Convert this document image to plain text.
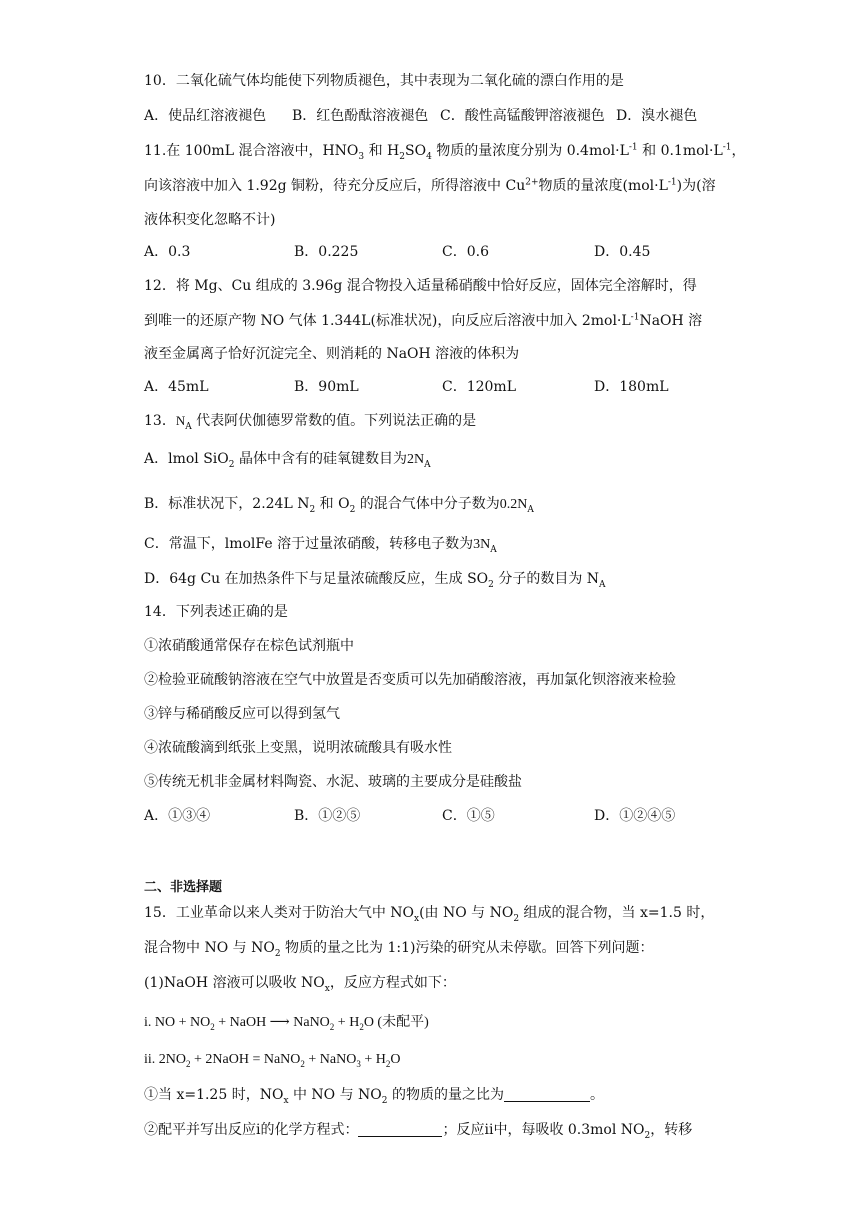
10．二氧化硫气体均能使下列物质褪色，其中表现为二氧化硫的漂白作用的是
A．使品红溶液褪色 B．红色酚酞溶液褪色 C．酸性高锰酸钾溶液褪色 D．溴水褪色
11.在 100mL 混合溶液中，$HNO_3$ 和 $H_2SO_4$ 物质的量浓度分别为 $0.4mol\cdot L^{-1}$ 和 $0.1mol\cdot L^{-1}$，
向该溶液中加入 1.92g 铜粉，待充分反应后，所得溶液中 $Cu^{2+}$物质的量浓度$(mol\cdot L^{-1})$为(溶
液体积变化忽略不计)
A．0.3	B．0.225	C．0.6	D．0.45
12．将 Mg、Cu 组成的 3.96g 混合物投入适量稀硝酸中恰好反应，固体完全溶解时，得
到唯一的还原产物 NO 气体 1.344L(标准状况)，向反应后溶液中加入 $2mol\cdot L^{-1}NaOH$ 溶
液至金属离子恰好沉淀完全、则消耗的 NaOH 溶液的体积为
A．45mL	B．90mL	C．120mL	D．180mL
13．$N_A$ 代表阿伏伽德罗常数的值。下列说法正确的是
A．lmol SiO$_2$ 晶体中含有的硅氧键数目为$2N_A$
B．标准状况下，2.24L $N_2$ 和 $O_2$ 的混合气体中分子数为$0.2N_A$
C．常温下，lmolFe 溶于过量浓硝酸，转移电子数为$3N_A$
D．64g Cu 在加热条件下与足量浓硫酸反应，生成 $SO_2$ 分子的数目为 $N_A$
14．下列表述正确的是
①浓硝酸通常保存在棕色试剂瓶中
②检验亚硫酸钠溶液在空气中放置是否变质可以先加硝酸溶液，再加氯化钡溶液来检验
③锌与稀硝酸反应可以得到氢气
④浓硫酸滴到纸张上变黑，说明浓硫酸具有吸水性
⑤传统无机非金属材料陶瓷、水泥、玻璃的主要成分是硅酸盐
A．①③④	B．①②⑤	C．①⑤	D．①②④⑤
二、非选择题
15．工业革命以来人类对于防治大气中 $NO_x$(由 NO 与 $NO_2$ 组成的混合物，当 x=1.5 时，
混合物中 NO 与 $NO_2$ 物质的量之比为 1:1)污染的研究从未停歇。回答下列问题：
(1)NaOH 溶液可以吸收 $NO_x$，反应方程式如下：
i. NO + $NO_2$ + NaOH ⟶ NaNO$_2$ + $H_2O$ (未配平)
ii. $2NO_2$ + 2NaOH = NaNO$_2$ + NaNO$_3$ + $H_2O$
①当 x=1.25 时，$NO_x$ 中 NO 与 $NO_2$ 的物质的量之比为	。
②配平并写出反应i的化学方程式：	；反应ii中，每吸收 0.3mol $NO_2$，转移
